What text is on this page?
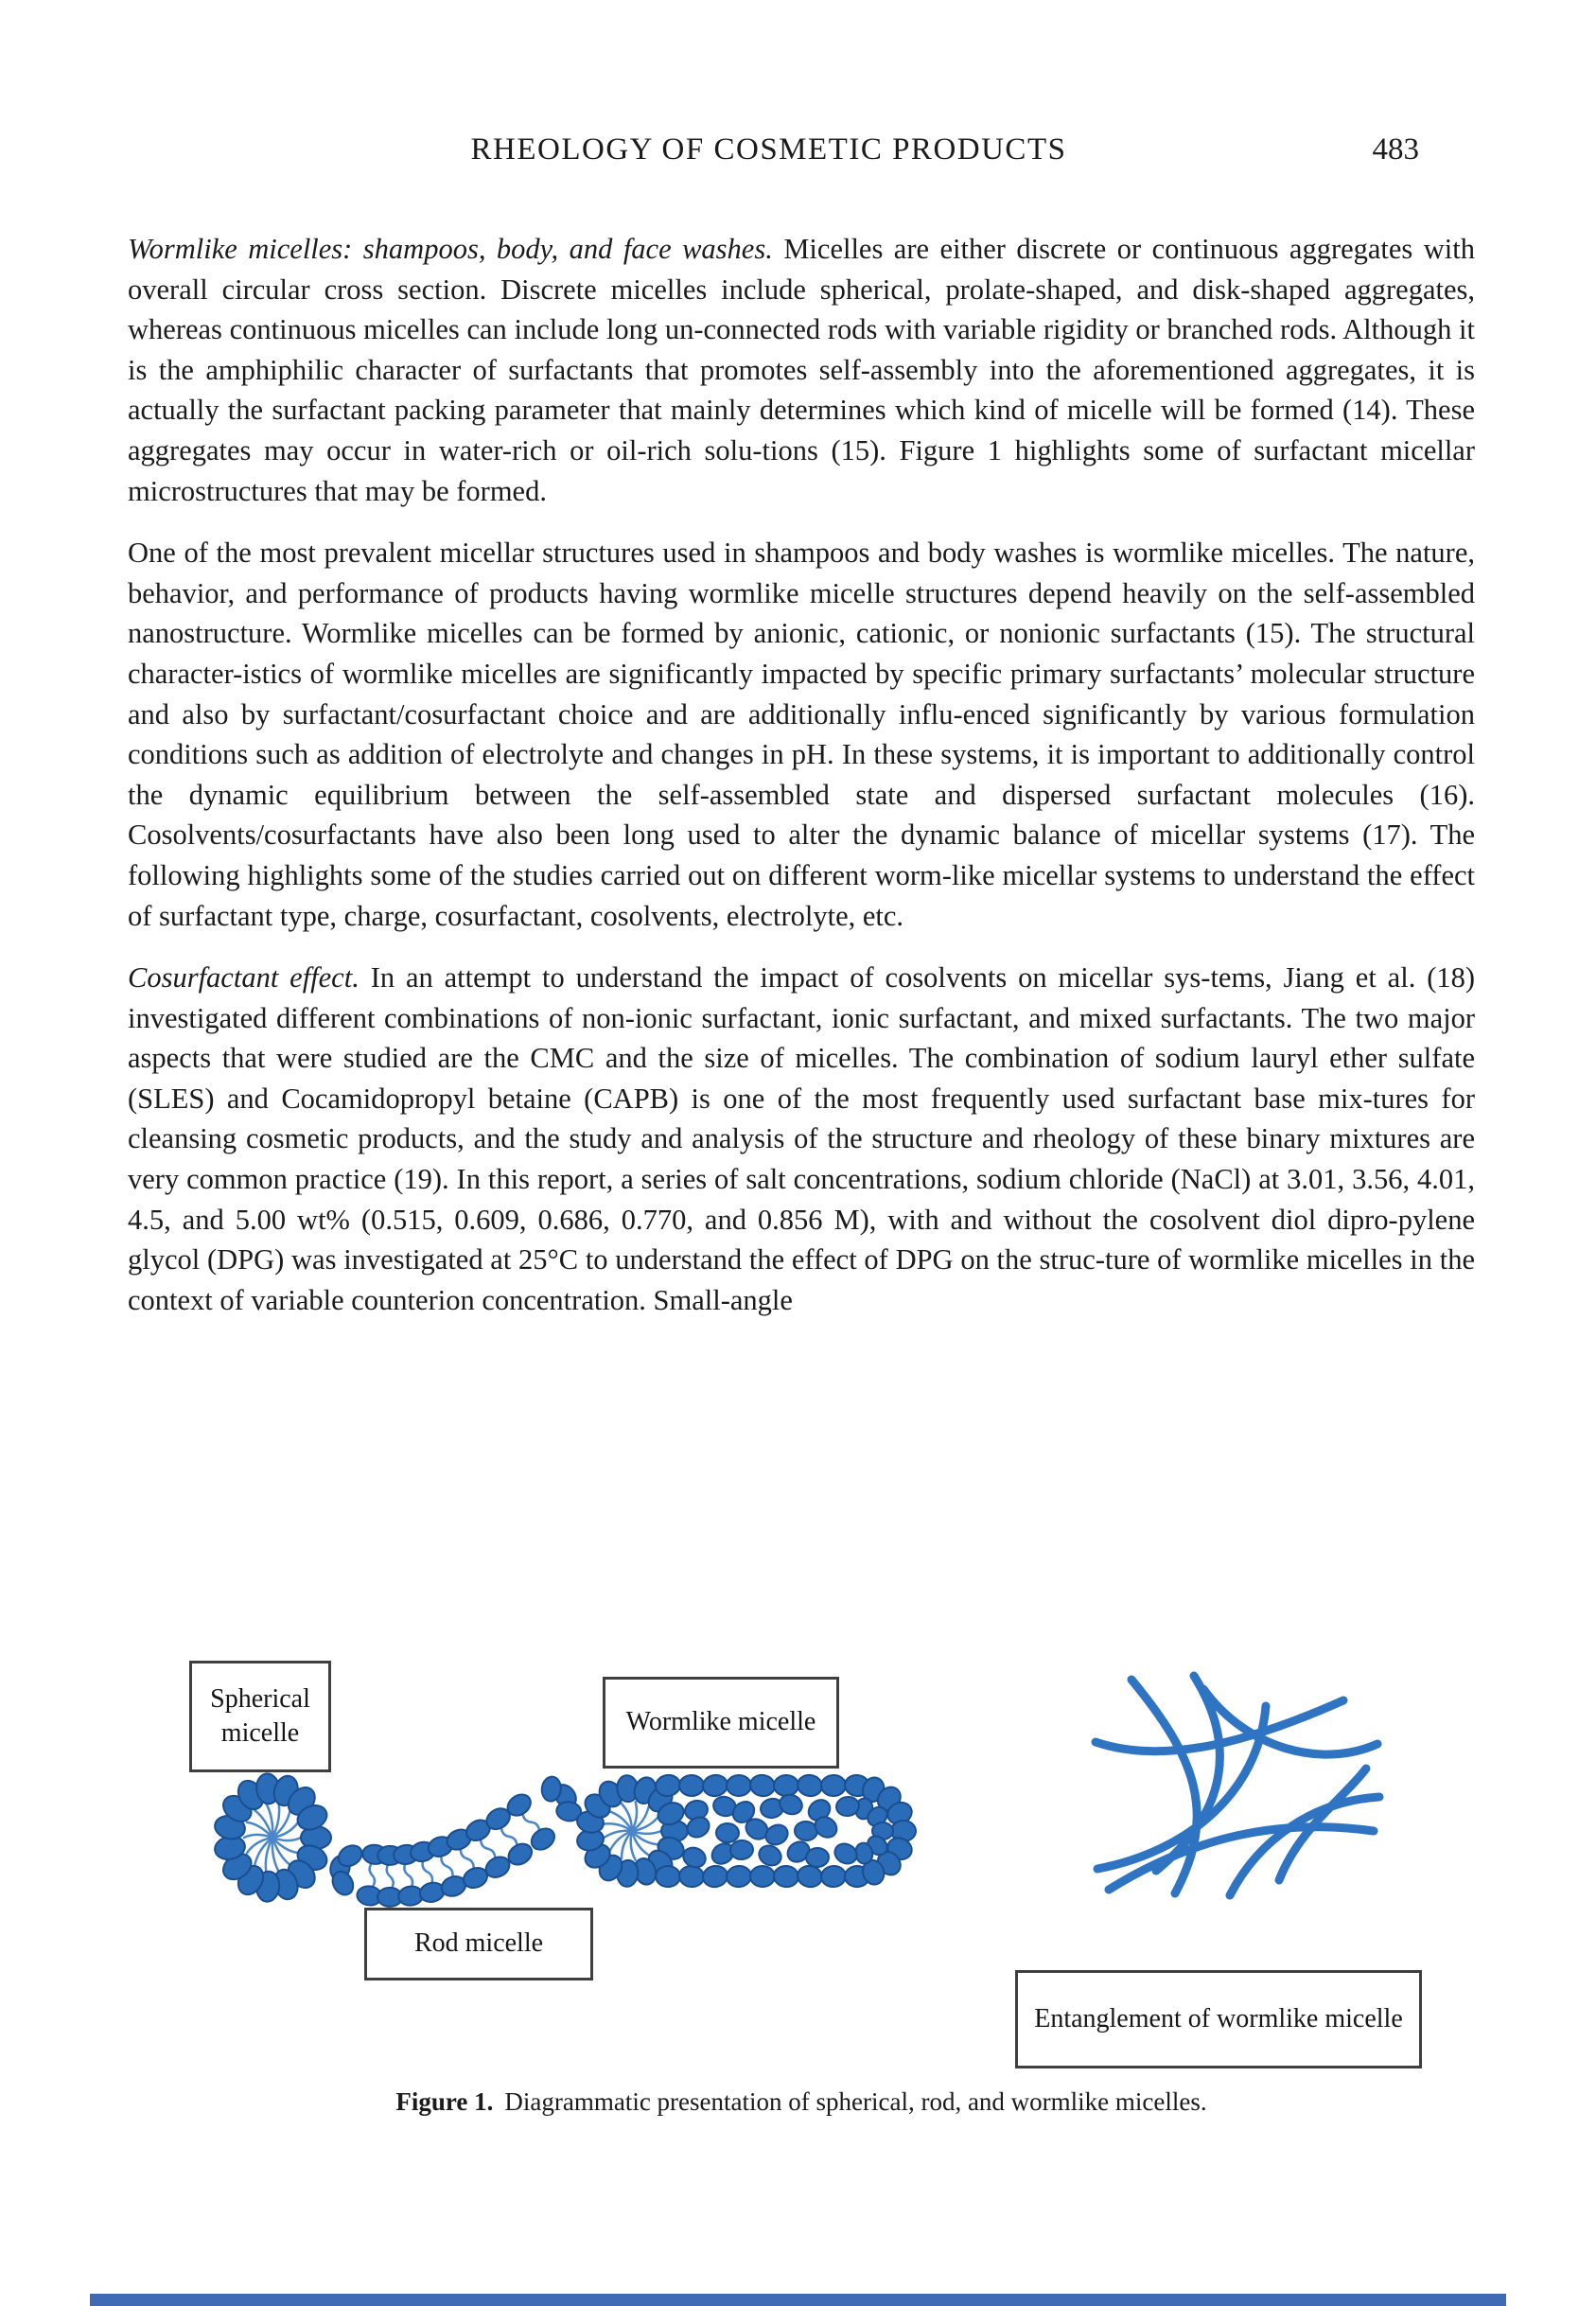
RHEOLOGY OF COSMETIC PRODUCTS	483

Wormlike micelles: shampoos, body, and face washes. Micelles are either discrete or continuous aggregates with overall circular cross section. Discrete micelles include spherical, prolate-shaped, and disk-shaped aggregates, whereas continuous micelles can include long un-connected rods with variable rigidity or branched rods. Although it is the amphiphilic character of surfactants that promotes self-assembly into the aforementioned aggregates, it is actually the surfactant packing parameter that mainly determines which kind of micelle will be formed (14). These aggregates may occur in water-rich or oil-rich solu-tions (15). Figure 1 highlights some of surfactant micellar microstructures that may be formed.

One of the most prevalent micellar structures used in shampoos and body washes is wormlike micelles. The nature, behavior, and performance of products having wormlike micelle structures depend heavily on the self-assembled nanostructure. Wormlike micelles can be formed by anionic, cationic, or nonionic surfactants (15). The structural character-istics of wormlike micelles are significantly impacted by specific primary surfactants’ molecular structure and also by surfactant/cosurfactant choice and are additionally influ-enced significantly by various formulation conditions such as addition of electrolyte and changes in pH. In these systems, it is important to additionally control the dynamic equilibrium between the self-assembled state and dispersed surfactant molecules (16). Cosolvents/cosurfactants have also been long used to alter the dynamic balance of micellar systems (17). The following highlights some of the studies carried out on different worm-like micellar systems to understand the effect of surfactant type, charge, cosurfactant, cosolvents, electrolyte, etc.

Cosurfactant effect. In an attempt to understand the impact of cosolvents on micellar sys-tems, Jiang et al. (18) investigated different combinations of non-ionic surfactant, ionic surfactant, and mixed surfactants. The two major aspects that were studied are the CMC and the size of micelles. The combination of sodium lauryl ether sulfate (SLES) and Cocamidopropyl betaine (CAPB) is one of the most frequently used surfactant base mix-tures for cleansing cosmetic products, and the study and analysis of the structure and rheology of these binary mixtures are very common practice (19). In this report, a series of salt concentrations, sodium chloride (NaCl) at 3.01, 3.56, 4.01, 4.5, and 5.00 wt% (0.515, 0.609, 0.686, 0.770, and 0.856 M), with and without the cosolvent diol dipro-pylene glycol (DPG) was investigated at 25°C to understand the effect of DPG on the struc-ture of wormlike micelles in the context of variable counterion concentration. Small-angle

Spherical micelle	Wormlike micelle
Rod micelle
Entanglement of wormlike micelle
Figure 1. Diagrammatic presentation of spherical, rod, and wormlike micelles.
